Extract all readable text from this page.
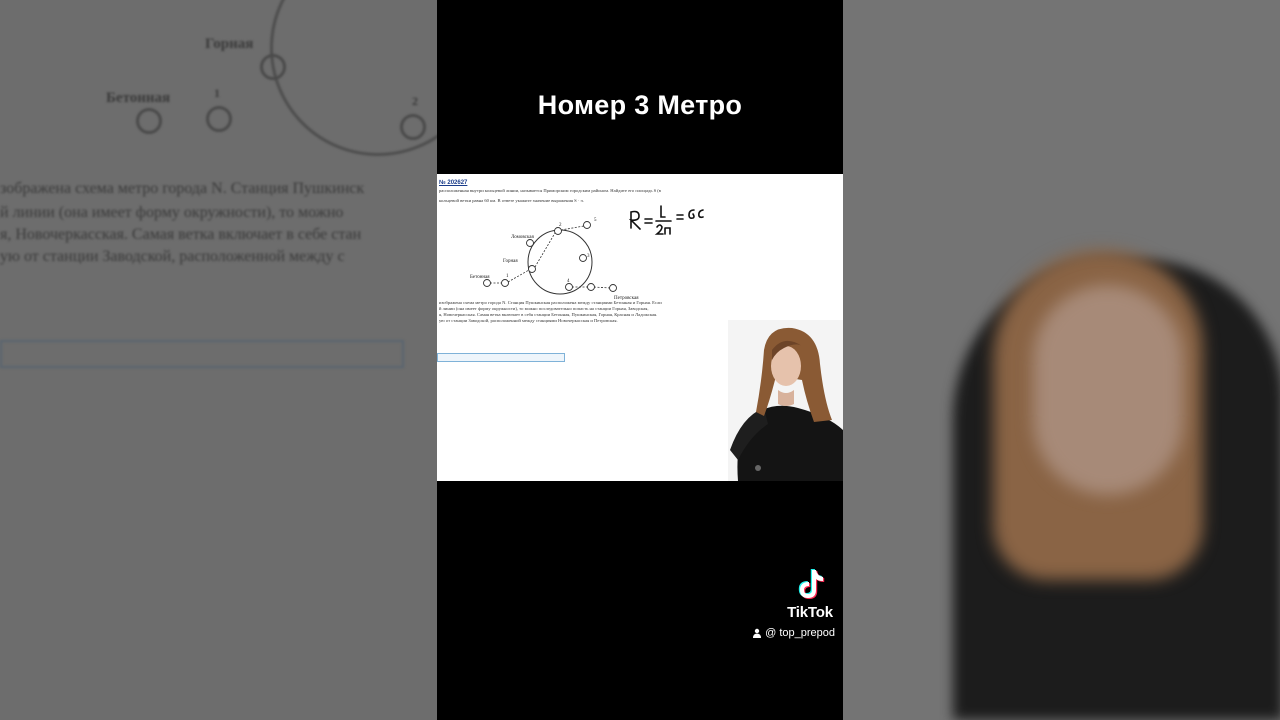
Горная
Бетонная	1
2
зображена схема метро города N. Станция Пушкинск
й линии (она имеет форму окружности), то можно
я, Новочеркасская. Самая ветка включает в себе стан
ую от станции Заводской, расположенной между с
Номер 3 Метро
№ 202627
расположенная внутри кольцевой линии, называется Приморским городским районом. Найдите его площадь S (в
кольцевой ветки равна 60 км. В ответе укажите значение выражения S · π.
Ломовская
Горная
Бетонная
Петровская
1
2
3
4
5
изображена схема метро города N. Станция Пушкинская расположена между станциями Бетонная и Горная. Если
й линии (она имеет форму окружности), то можно последовательно попасть на станции Горная, Заводская,
я, Новочеркасская. Самая ветка включает в себя станции Бетонная, Пушкинская, Горная, Красная и Ладожская.
ую от станции Заводской, расположенной между станциями Новочеркасская и Петровская.
TikTok
@ top_prepod
